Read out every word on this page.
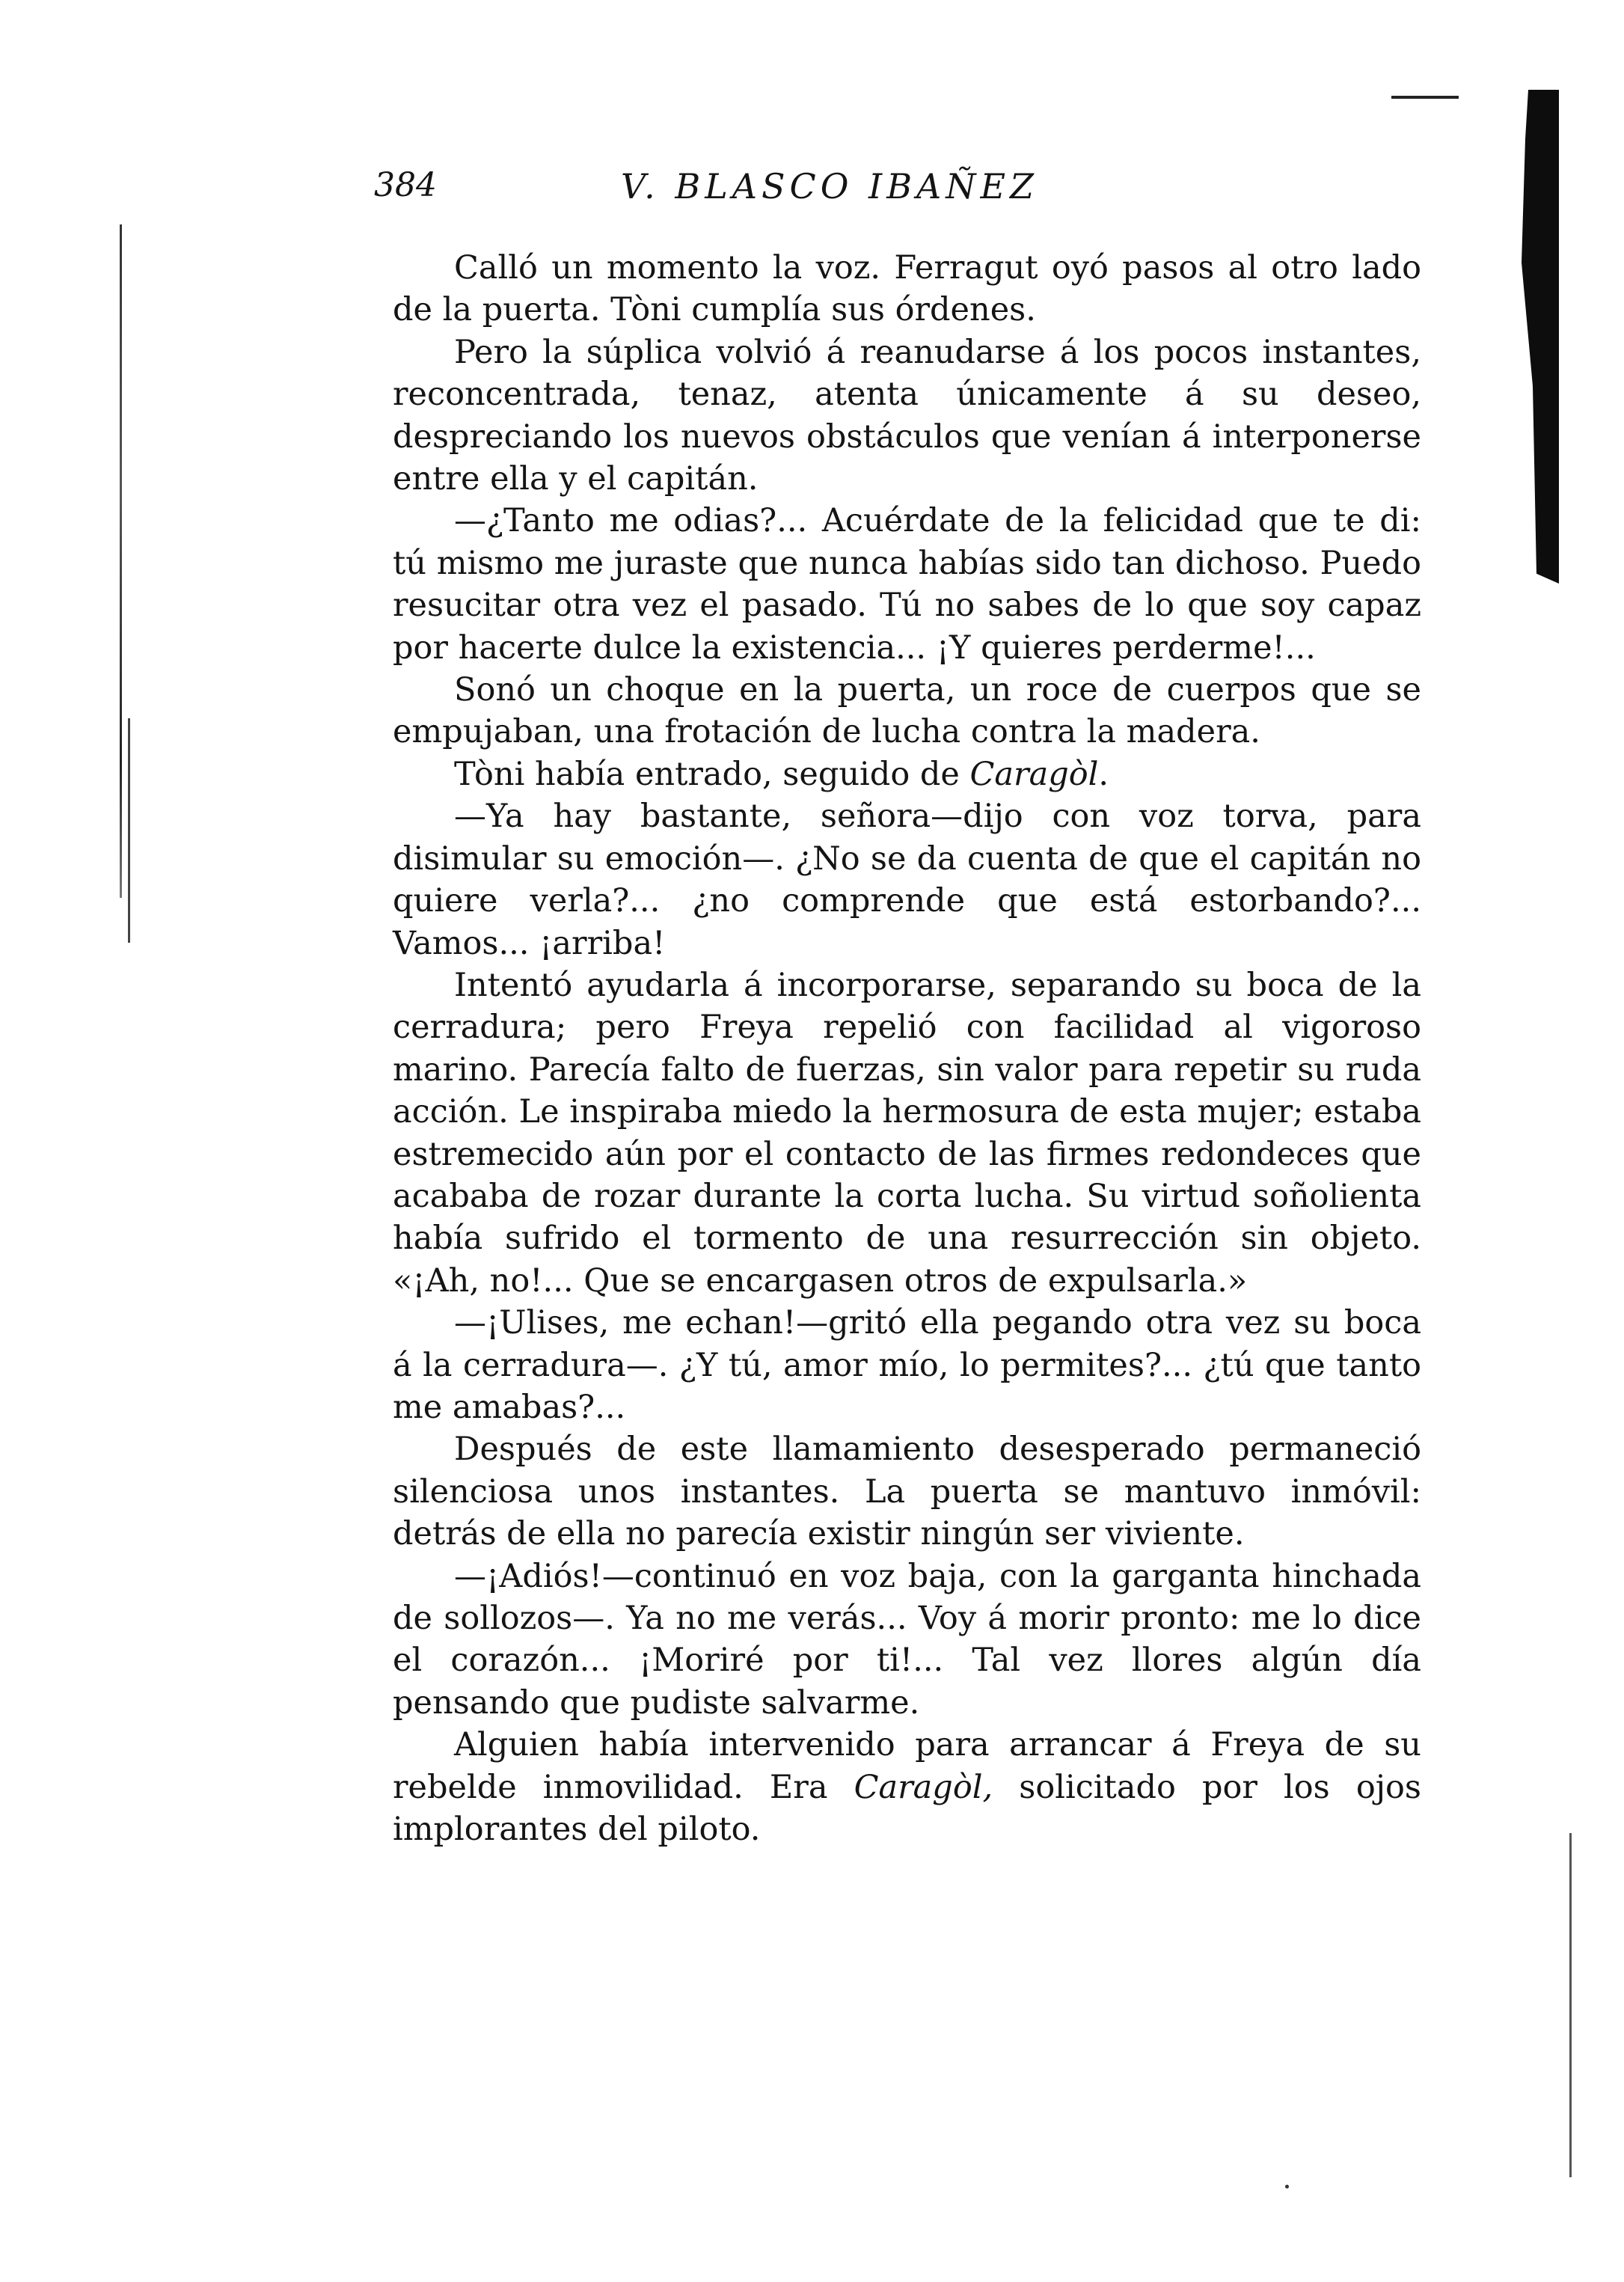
384	V. BLASCO IBAÑEZ

Calló un momento la voz. Ferragut oyó pasos al otro lado de la puerta. Tòni cumplía sus órdenes.

Pero la súplica volvió á reanudarse á los pocos instantes, reconcentrada, tenaz, atenta únicamente á su deseo, despreciando los nuevos obstáculos que venían á interponerse entre ella y el capitán.

—¿Tanto me odias?... Acuérdate de la felicidad que te di: tú mismo me juraste que nunca habías sido tan dichoso. Puedo resucitar otra vez el pasado. Tú no sabes de lo que soy capaz por hacerte dulce la existencia... ¡Y quieres perderme!...

Sonó un choque en la puerta, un roce de cuerpos que se empujaban, una frotación de lucha contra la madera.

Tòni había entrado, seguido de Caragòl.

—Ya hay bastante, señora—dijo con voz torva, para disimular su emoción—. ¿No se da cuenta de que el capitán no quiere verla?... ¿no comprende que está estorbando?... Vamos... ¡arriba!

Intentó ayudarla á incorporarse, separando su boca de la cerradura; pero Freya repelió con facilidad al vigoroso marino. Parecía falto de fuerzas, sin valor para repetir su ruda acción. Le inspiraba miedo la hermosura de esta mujer; estaba estremecido aún por el contacto de las firmes redondeces que acababa de rozar durante la corta lucha. Su virtud soñolienta había sufrido el tormento de una resurrección sin objeto. «¡Ah, no!... Que se encargasen otros de expulsarla.»

—¡Ulises, me echan!—gritó ella pegando otra vez su boca á la cerradura—. ¿Y tú, amor mío, lo permites?... ¿tú que tanto me amabas?...

Después de este llamamiento desesperado permaneció silenciosa unos instantes. La puerta se mantuvo inmóvil: detrás de ella no parecía existir ningún ser viviente.

—¡Adiós!—continuó en voz baja, con la garganta hinchada de sollozos—. Ya no me verás... Voy á morir pronto: me lo dice el corazón... ¡Moriré por ti!... Tal vez llores algún día pensando que pudiste salvarme.

Alguien había intervenido para arrancar á Freya de su rebelde inmovilidad. Era Caragòl, solicitado por los ojos implorantes del piloto.
